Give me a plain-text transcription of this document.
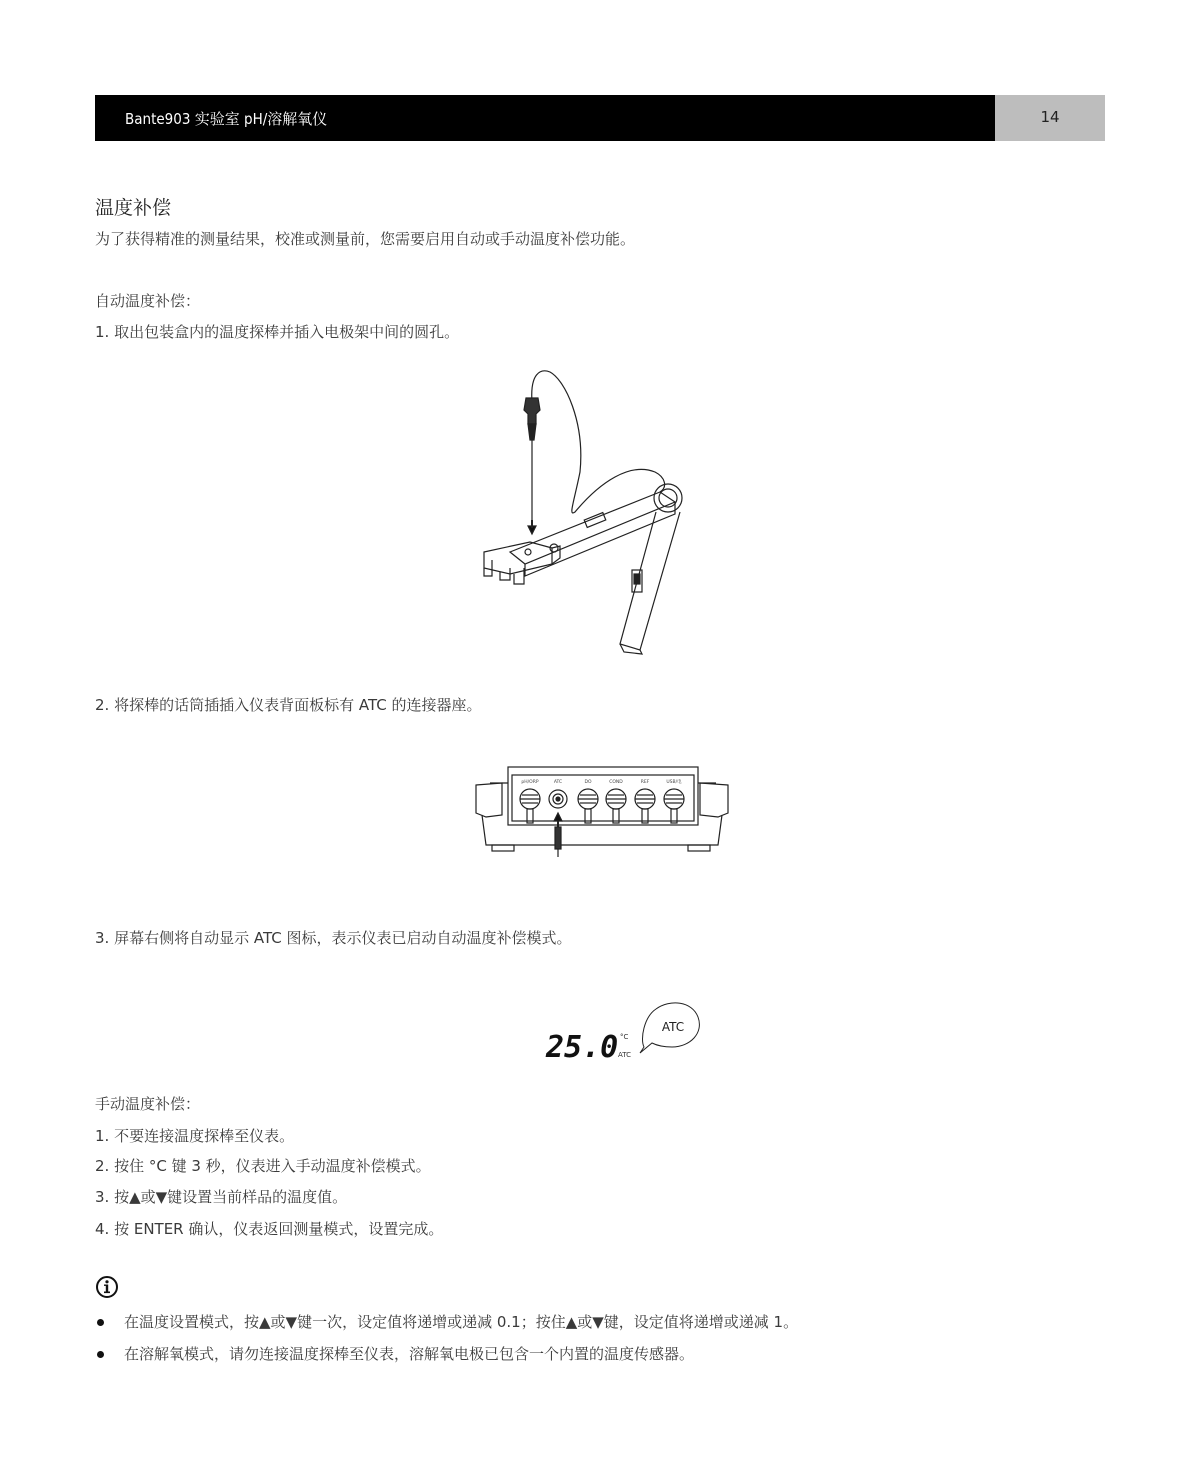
Bante903 实验室 pH/溶解氧仪	14
温度补偿
为了获得精准的测量结果，校准或测量前，您需要启用自动或手动温度补偿功能。
自动温度补偿：
1. 取出包装盒内的温度探棒并插入电极架中间的圆孔。
2. 将探棒的话筒插插入仪表背面板标有 ATC 的连接器座。
pH/ORP	ATC	DO	COND	REF	USB/电
3. 屏幕右侧将自动显示 ATC 图标，表示仪表已启动自动温度补偿模式。
25.0 °C
ATC
ATC
手动温度补偿：
1. 不要连接温度探棒至仪表。
2. 按住 °C 键 3 秒，仪表进入手动温度补偿模式。
3. 按▲或▼键设置当前样品的温度值。
4. 按 ENTER 确认，仪表返回测量模式，设置完成。
在温度设置模式，按▲或▼键一次，设定值将递增或递减 0.1；按住▲或▼键，设定值将递增或递减 1。
在溶解氧模式，请勿连接温度探棒至仪表，溶解氧电极已包含一个内置的温度传感器。
